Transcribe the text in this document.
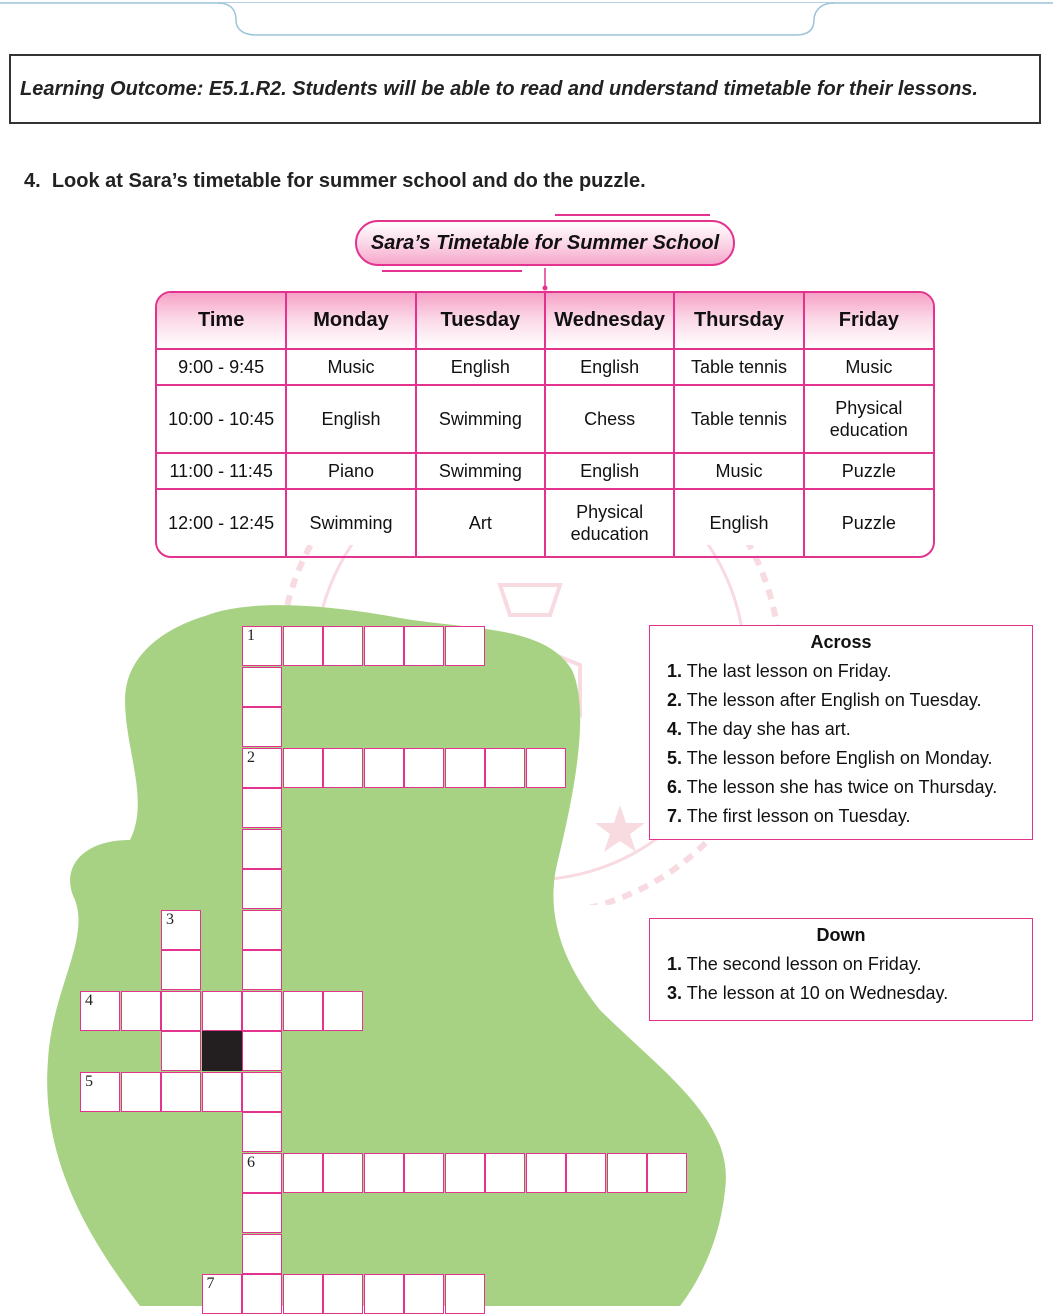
Learning Outcome: E5.1.R2. Students will be able to read and understand timetable for their lessons.
4. Look at Sara’s timetable for summer school and do the puzzle.
Sara’s Timetable for Summer School
Time	Monday	Tuesday	Wednesday	Thursday	Friday
9:00 - 9:45	Music	English	English	Table tennis	Music
10:00 - 10:45	English	Swimming	Chess	Table tennis	Physical education
11:00 - 11:45	Piano	Swimming	English	Music	Puzzle
12:00 - 12:45	Swimming	Art	Physical education	English	Puzzle
1
2
3
4
5
6
7
Across
1. The last lesson on Friday.
2. The lesson after English on Tuesday.
4. The day she has art.
5. The lesson before English on Monday.
6. The lesson she has twice on Thursday.
7. The first lesson on Tuesday.
Down
1. The second lesson on Friday.
3. The lesson at 10 on Wednesday.
